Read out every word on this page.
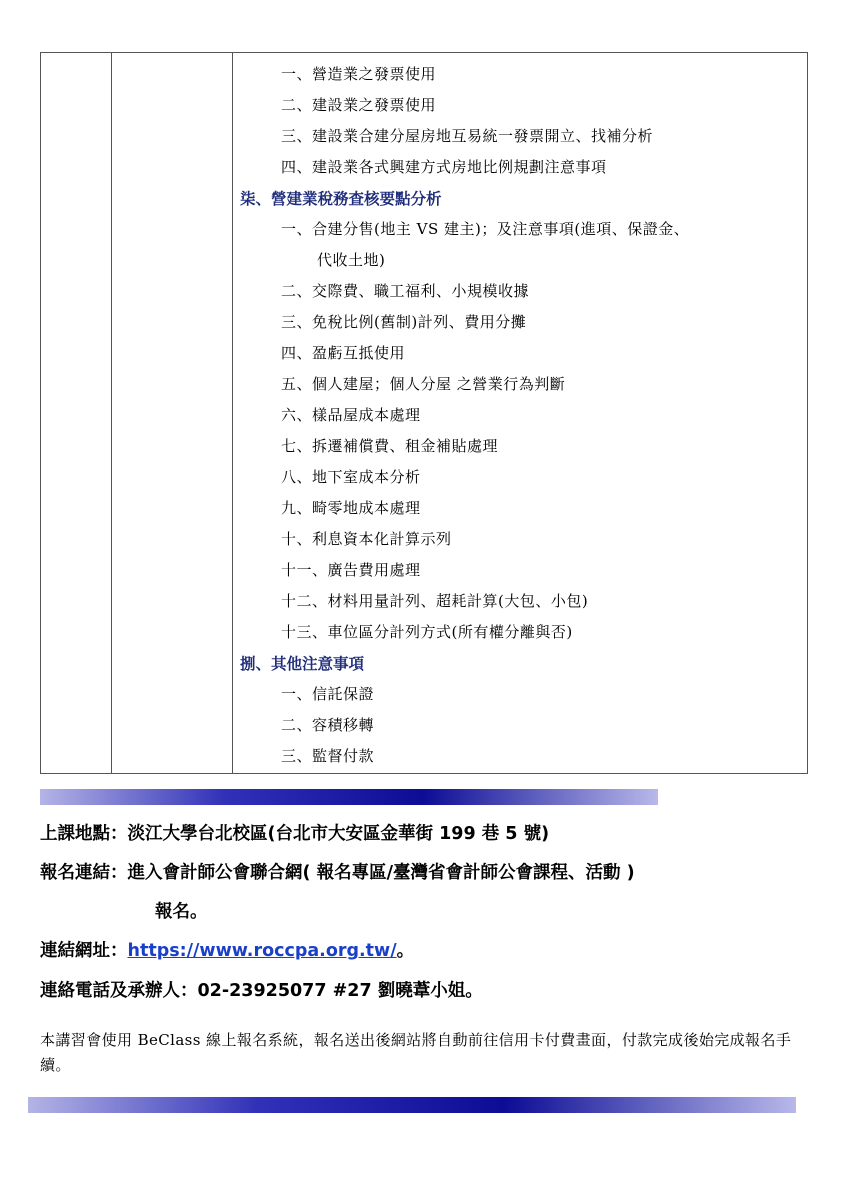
一、營造業之發票使用
二、建設業之發票使用
三、建設業合建分屋房地互易統一發票開立、找補分析
四、建設業各式興建方式房地比例規劃注意事項
柒、營建業稅務查核要點分析
一、合建分售(地主 VS 建主)；及注意事項(進項、保證金、
代收土地)
二、交際費、職工福利、小規模收據
三、免稅比例(舊制)計列、費用分攤
四、盈虧互抵使用
五、個人建屋；個人分屋 之營業行為判斷
六、樣品屋成本處理
七、拆遷補償費、租金補貼處理
八、地下室成本分析
九、畸零地成本處理
十、利息資本化計算示列
十一、廣告費用處理
十二、材料用量計列、超耗計算(大包、小包)
十三、車位區分計列方式(所有權分離與否)
捌、其他注意事項
一、信託保證
二、容積移轉
三、監督付款
上課地點：淡江大學台北校區(台北市大安區金華街 199 巷 5 號)
報名連結：進入會計師公會聯合網( 報名專區/臺灣省會計師公會課程、活動 )
報名。
連結網址：https://www.roccpa.org.tw/。
連絡電話及承辦人：02-23925077 #27 劉曉葦小姐。
本講習會使用 BeClass 線上報名系統，報名送出後網站將自動前往信用卡付費畫面，付款完成後始完成報名手續。
